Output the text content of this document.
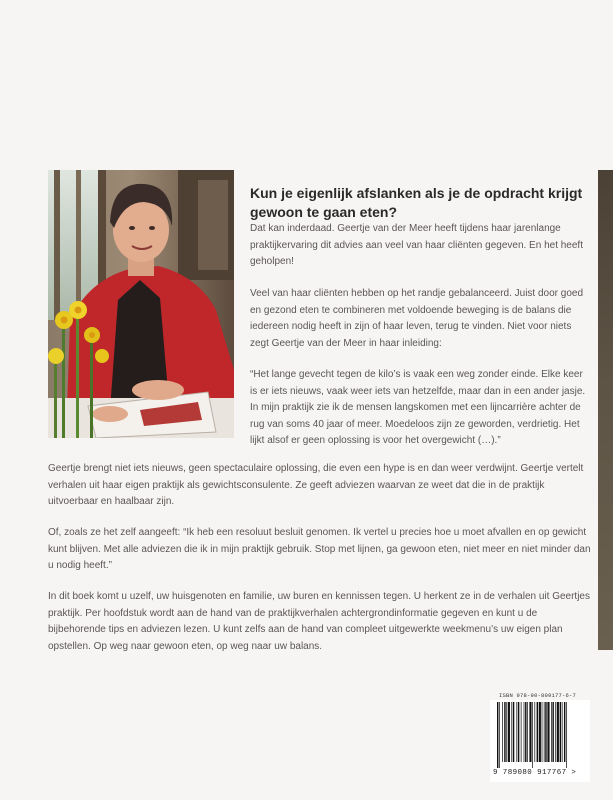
Kun je eigenlijk afslanken als je de opdracht krijgt gewoon te gaan eten?

Dat kan inderdaad. Geertje van der Meer heeft tijdens haar jarenlange praktijkervaring dit advies aan veel van haar cliënten gegeven. En het heeft geholpen!

Veel van haar cliënten hebben op het randje gebalanceerd. Juist door goed en gezond eten te combineren met voldoende beweging is de balans die iedereen nodig heeft in zijn of haar leven, terug te vinden. Niet voor niets zegt Geertje van der Meer in haar inleiding:

“Het lange gevecht tegen de kilo’s is vaak een weg zonder einde. Elke keer is er iets nieuws, vaak weer iets van hetzelfde, maar dan in een ander jasje. In mijn praktijk zie ik de mensen langskomen met een lijncarrière achter de rug van soms 40 jaar of meer. Moedeloos zijn ze geworden, verdrietig. Het lijkt alsof er geen oplossing is voor het overgewicht (…).”

Geertje brengt niet iets nieuws, geen spectaculaire oplossing, die even een hype is en dan weer verdwijnt. Geertje vertelt verhalen uit haar eigen praktijk als gewichtsconsulente. Ze geeft adviezen waarvan ze weet dat die in de praktijk uitvoerbaar en haalbaar zijn.

Of, zoals ze het zelf aangeeft: “Ik heb een resoluut besluit genomen. Ik vertel u precies hoe u moet afvallen en op gewicht kunt blijven. Met alle adviezen die ik in mijn praktijk gebruik. Stop met lijnen, ga gewoon eten, niet meer en niet minder dan u nodig heeft.”

In dit boek komt u uzelf, uw huisgenoten en familie, uw buren en kennissen tegen. U herkent ze in de verhalen uit Geertjes praktijk. Per hoofdstuk wordt aan de hand van de praktijkverhalen achtergrondinformatie gegeven en kunt u de bijbehorende tips en adviezen lezen. U kunt zelfs aan de hand van compleet uitgewerkte weekmenu’s uw eigen plan opstellen. Op weg naar gewoon eten, op weg naar uw balans.

ISBN 978-90-809177-6-7
9 789080 917767 >
